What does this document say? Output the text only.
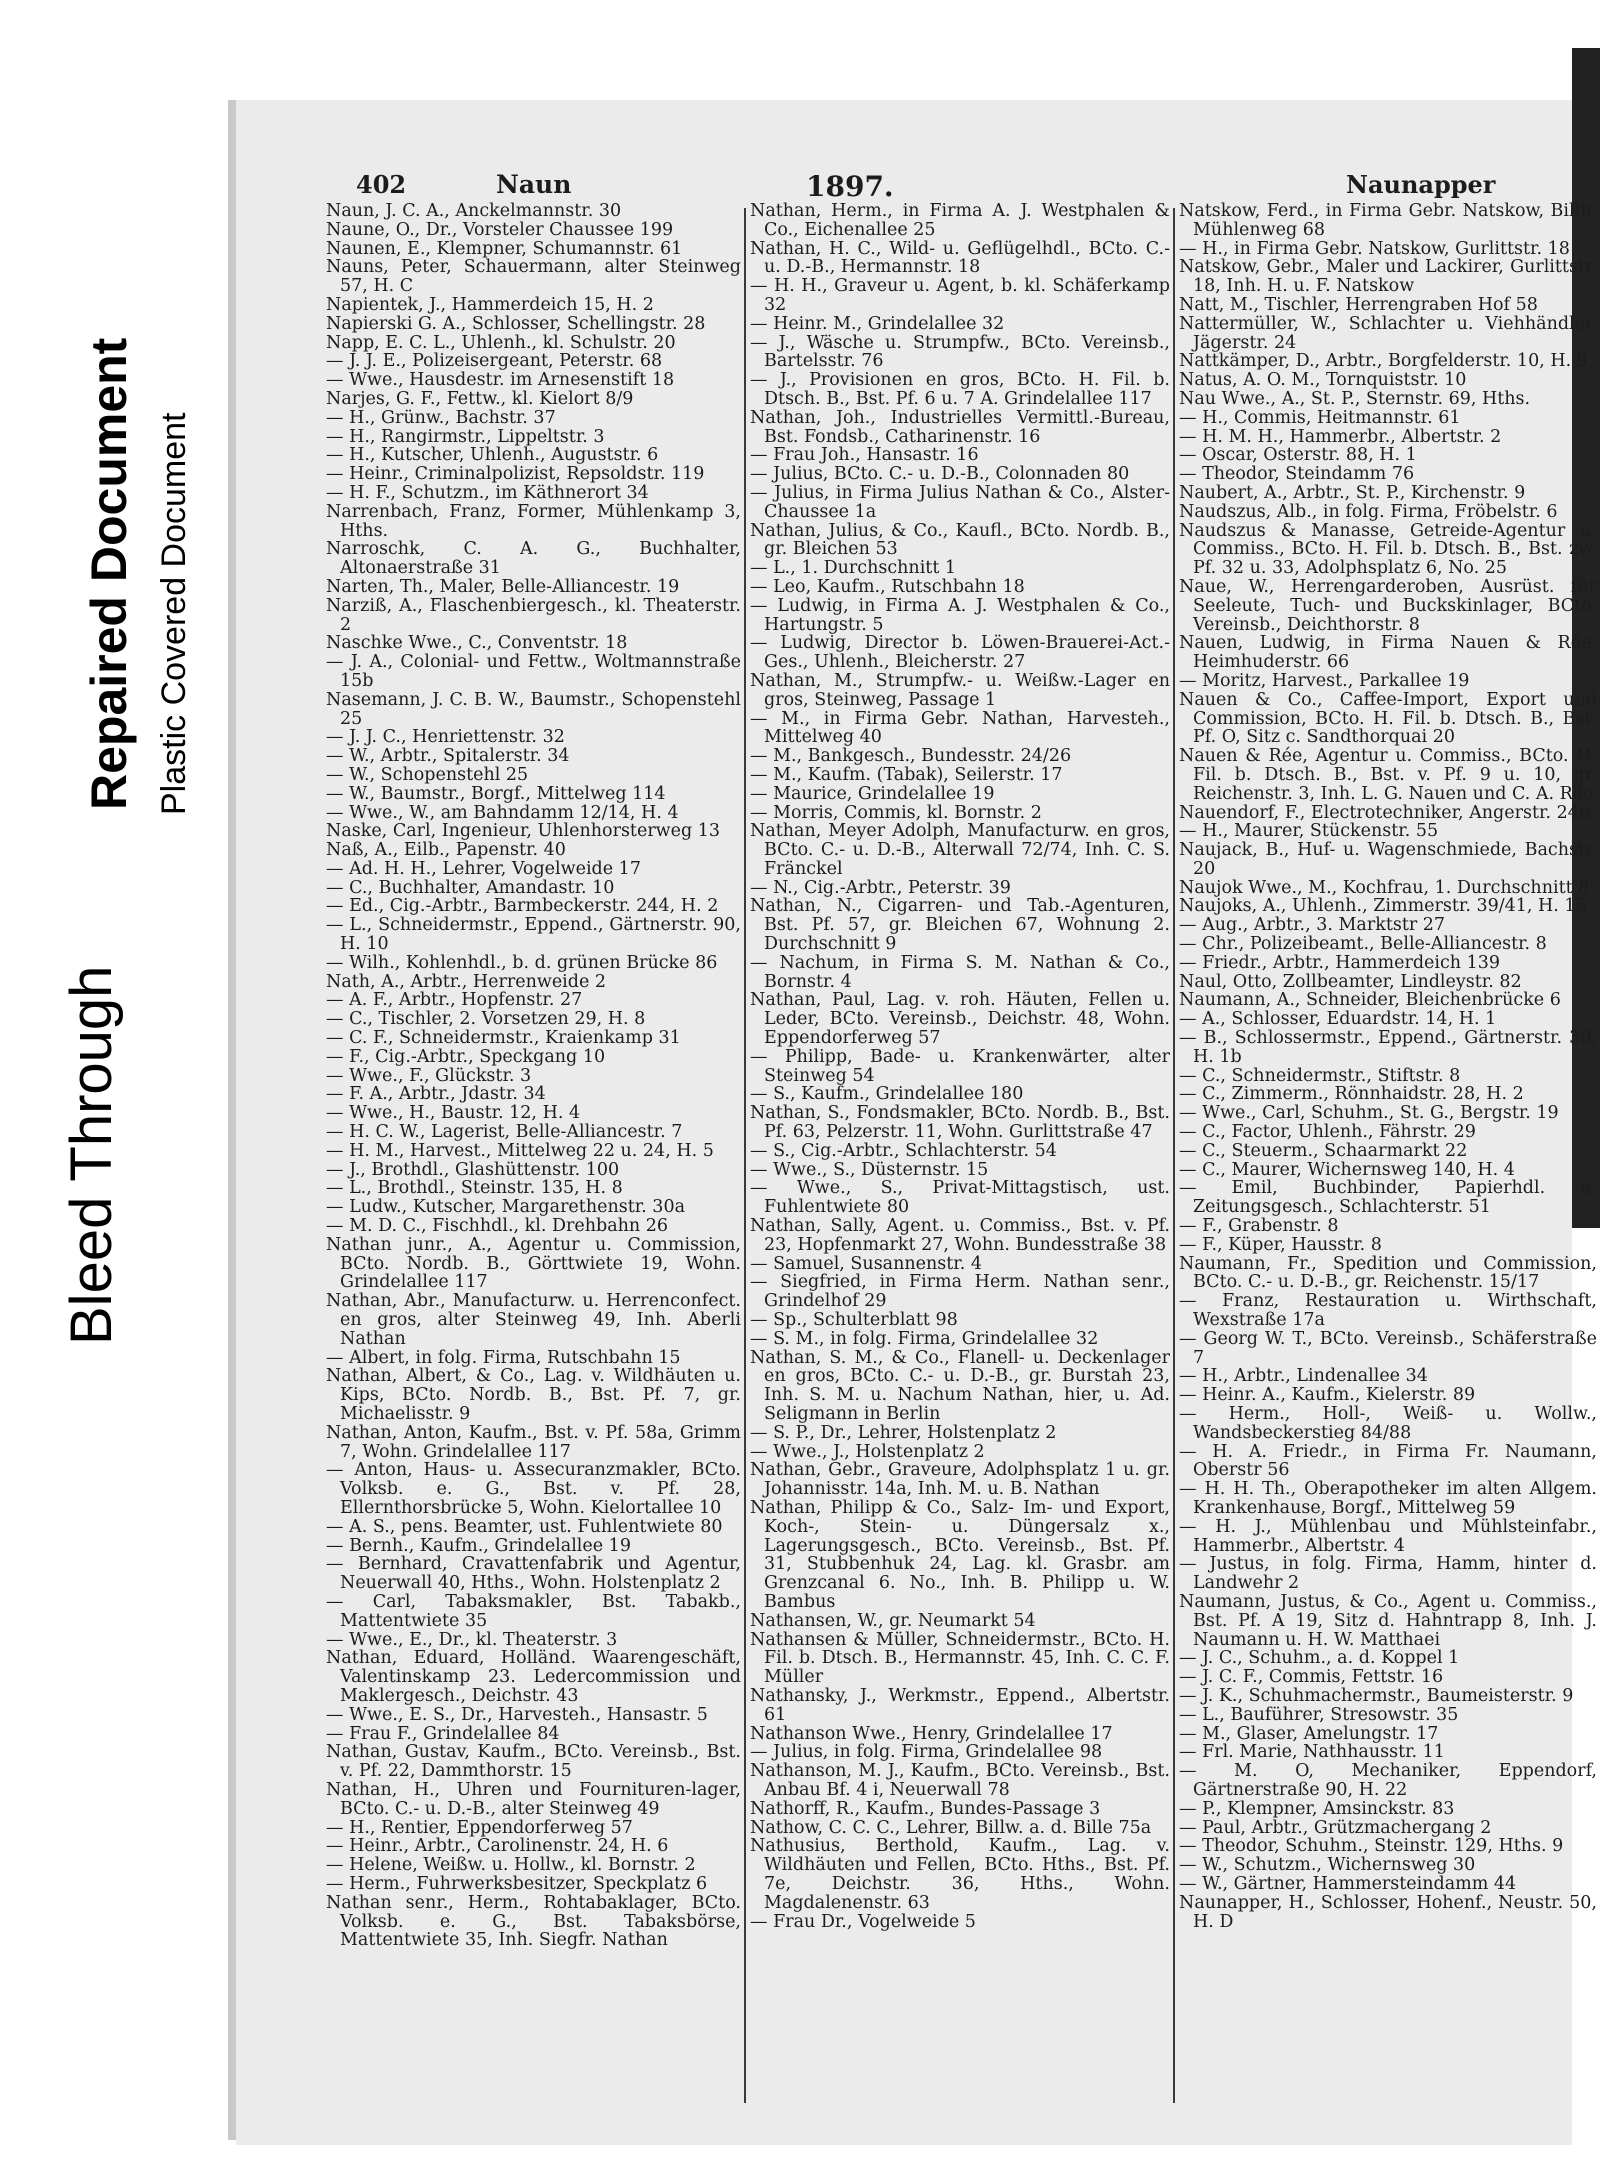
Bleed Through
Repaired Document Plastic Covered Document
402	Naun	1897.	Naunapper

Naun, J. C. A., Anckelmannstr. 30

Naune, O., Dr., Vorsteler Chaussee 199

Naunen, E., Klempner, Schumannstr. 61

Nauns, Peter, Schauermann, alter Steinweg 57, H. C

Napientek, J., Hammerdeich 15, H. 2

Napierski G. A., Schlosser, Schellingstr. 28

Napp, E. C. L., Uhlenh., kl. Schulstr. 20

— J. J. E., Polizeisergeant, Peterstr. 68

— Wwe., Hausdestr. im Arnesenstift 18

Narjes, G. F., Fettw., kl. Kielort 8/9

— H., Grünw., Bachstr. 37

— H., Rangirmstr., Lippeltstr. 3

— H., Kutscher, Uhlenh., Auguststr. 6

— Heinr., Criminalpolizist, Repsoldstr. 119

— H. F., Schutzm., im Käthnerort 34

Narrenbach, Franz, Former, Mühlenkamp 3, Hths.

Narroschk, C. A. G., Buchhalter, Altonaerstraße 31

Narten, Th., Maler, Belle-Alliancestr. 19

Narziß, A., Flaschenbiergesch., kl. Theaterstr. 2

Naschke Wwe., C., Conventstr. 18

— J. A., Colonial- und Fettw., Woltmannstraße 15b

Nasemann, J. C. B. W., Baumstr., Schopenstehl 25

— J. J. C., Henriettenstr. 32

— W., Arbtr., Spitalerstr. 34

— W., Schopenstehl 25

— W., Baumstr., Borgf., Mittelweg 114

— Wwe., W., am Bahndamm 12/14, H. 4

Naske, Carl, Ingenieur, Uhlenhorsterweg 13

Naß, A., Eilb., Papenstr. 40

— Ad. H. H., Lehrer, Vogelweide 17

— C., Buchhalter, Amandastr. 10

— Ed., Cig.-Arbtr., Barmbeckerstr. 244, H. 2

— L., Schneidermstr., Eppend., Gärtnerstr. 90, H. 10

— Wilh., Kohlenhdl., b. d. grünen Brücke 86

Nath, A., Arbtr., Herrenweide 2

— A. F., Arbtr., Hopfenstr. 27

— C., Tischler, 2. Vorsetzen 29, H. 8

— C. F., Schneidermstr., Kraienkamp 31

— F., Cig.-Arbtr., Speckgang 10

— Wwe., F., Glückstr. 3

— F. A., Arbtr., Jdastr. 34

— Wwe., H., Baustr. 12, H. 4

— H. C. W., Lagerist, Belle-Alliancestr. 7

— H. M., Harvest., Mittelweg 22 u. 24, H. 5

— J., Brothdl., Glashüttenstr. 100

— L., Brothdl., Steinstr. 135, H. 8

— Ludw., Kutscher, Margarethenstr. 30a

— M. D. C., Fischhdl., kl. Drehbahn 26

Nathan junr., A., Agentur u. Commission, BCto. Nordb. B., Görttwiete 19, Wohn. Grindelallee 117

Nathan, Abr., Manufacturw. u. Herrenconfect. en gros, alter Steinweg 49, Inh. Aberli Nathan

— Albert, in folg. Firma, Rutschbahn 15

Nathan, Albert, & Co., Lag. v. Wildhäuten u. Kips, BCto. Nordb. B., Bst. Pf. 7, gr. Michaelisstr. 9

Nathan, Anton, Kaufm., Bst. v. Pf. 58a, Grimm 7, Wohn. Grindelallee 117

— Anton, Haus- u. Assecuranzmakler, BCto. Volksb. e. G., Bst. v. Pf. 28, Ellernthorsbrücke 5, Wohn. Kielortallee 10

— A. S., pens. Beamter, ust. Fuhlentwiete 80

— Bernh., Kaufm., Grindelallee 19

— Bernhard, Cravattenfabrik und Agentur, Neuerwall 40, Hths., Wohn. Holstenplatz 2

— Carl, Tabaksmakler, Bst. Tabakb., Mattentwiete 35

— Wwe., E., Dr., kl. Theaterstr. 3

Nathan, Eduard, Holländ. Waarengeschäft, Valentinskamp 23. Ledercommission und Maklergesch., Deichstr. 43

— Wwe., E. S., Dr., Harvesteh., Hansastr. 5

— Frau F., Grindelallee 84

Nathan, Gustav, Kaufm., BCto. Vereinsb., Bst. v. Pf. 22, Dammthorstr. 15

Nathan, H., Uhren und Fournituren-lager, BCto. C.- u. D.-B., alter Steinweg 49

— H., Rentier, Eppendorferweg 57

— Heinr., Arbtr., Carolinenstr. 24, H. 6

— Helene, Weißw. u. Hollw., kl. Bornstr. 2

— Herm., Fuhrwerksbesitzer, Speckplatz 6

Nathan senr., Herm., Rohtabaklager, BCto. Volksb. e. G., Bst. Tabaksbörse, Mattentwiete 35, Inh. Siegfr. Nathan

Nathan, Herm., in Firma A. J. Westphalen & Co., Eichenallee 25

Nathan, H. C., Wild- u. Geflügelhdl., BCto. C.- u. D.-B., Hermannstr. 18

— H. H., Graveur u. Agent, b. kl. Schäferkamp 32

— Heinr. M., Grindelallee 32

— J., Wäsche u. Strumpfw., BCto. Vereinsb., Bartelsstr. 76

— J., Provisionen en gros, BCto. H. Fil. b. Dtsch. B., Bst. Pf. 6 u. 7 A. Grindelallee 117

Nathan, Joh., Industrielles Vermittl.-Bureau, Bst. Fondsb., Catharinenstr. 16

— Frau Joh., Hansastr. 16

— Julius, BCto. C.- u. D.-B., Colonnaden 80

— Julius, in Firma Julius Nathan & Co., Alster-Chaussee 1a

Nathan, Julius, & Co., Kaufl., BCto. Nordb. B., gr. Bleichen 53

— L., 1. Durchschnitt 1

— Leo, Kaufm., Rutschbahn 18

— Ludwig, in Firma A. J. Westphalen & Co., Hartungstr. 5

— Ludwig, Director b. Löwen-Brauerei-Act.-Ges., Uhlenh., Bleicherstr. 27

Nathan, M., Strumpfw.- u. Weißw.-Lager en gros, Steinweg, Passage 1

— M., in Firma Gebr. Nathan, Harvesteh., Mittelweg 40

— M., Bankgesch., Bundesstr. 24/26

— M., Kaufm. (Tabak), Seilerstr. 17

— Maurice, Grindelallee 19

— Morris, Commis, kl. Bornstr. 2

Nathan, Meyer Adolph, Manufacturw. en gros, BCto. C.- u. D.-B., Alterwall 72/74, Inh. C. S. Fränckel

— N., Cig.-Arbtr., Peterstr. 39

Nathan, N., Cigarren- und Tab.-Agenturen, Bst. Pf. 57, gr. Bleichen 67, Wohnung 2. Durchschnitt 9

— Nachum, in Firma S. M. Nathan & Co., Bornstr. 4

Nathan, Paul, Lag. v. roh. Häuten, Fellen u. Leder, BCto. Vereinsb., Deichstr. 48, Wohn. Eppendorferweg 57

— Philipp, Bade- u. Krankenwärter, alter Steinweg 54

— S., Kaufm., Grindelallee 180

Nathan, S., Fondsmakler, BCto. Nordb. B., Bst. Pf. 63, Pelzerstr. 11, Wohn. Gurlittstraße 47

— S., Cig.-Arbtr., Schlachterstr. 54

— Wwe., S., Düsternstr. 15

— Wwe., S., Privat-Mittagstisch, ust. Fuhlentwiete 80

Nathan, Sally, Agent. u. Commiss., Bst. v. Pf. 23, Hopfenmarkt 27, Wohn. Bundesstraße 38

— Samuel, Susannenstr. 4

— Siegfried, in Firma Herm. Nathan senr., Grindelhof 29

— Sp., Schulterblatt 98

— S. M., in folg. Firma, Grindelallee 32

Nathan, S. M., & Co., Flanell- u. Deckenlager en gros, BCto. C.- u. D.-B., gr. Burstah 23, Inh. S. M. u. Nachum Nathan, hier, u. Ad. Seligmann in Berlin

— S. P., Dr., Lehrer, Holstenplatz 2

— Wwe., J., Holstenplatz 2

Nathan, Gebr., Graveure, Adolphsplatz 1 u. gr. Johannisstr. 14a, Inh. M. u. B. Nathan

Nathan, Philipp & Co., Salz- Im- und Export, Koch-, Stein- u. Düngersalz x., Lagerungsgesch., BCto. Vereinsb., Bst. Pf. 31, Stubbenhuk 24, Lag. kl. Grasbr. am Grenzcanal 6. No., Inh. B. Philipp u. W. Bambus

Nathansen, W., gr. Neumarkt 54

Nathansen & Müller, Schneidermstr., BCto. H. Fil. b. Dtsch. B., Hermannstr. 45, Inh. C. C. F. Müller

Nathansky, J., Werkmstr., Eppend., Albertstr. 61

Nathanson Wwe., Henry, Grindelallee 17

— Julius, in folg. Firma, Grindelallee 98

Nathanson, M. J., Kaufm., BCto. Vereinsb., Bst. Anbau Bf. 4 i, Neuerwall 78

Nathorff, R., Kaufm., Bundes-Passage 3

Nathow, C. C. C., Lehrer, Billw. a. d. Bille 75a

Nathusius, Berthold, Kaufm., Lag. v. Wildhäuten und Fellen, BCto. Hths., Bst. Pf. 7e, Deichstr. 36, Hths., Wohn. Magdalenenstr. 63

— Frau Dr., Vogelweide 5

Natskow, Ferd., in Firma Gebr. Natskow, Billh. Mühlenweg 68

— H., in Firma Gebr. Natskow, Gurlittstr. 18

Natskow, Gebr., Maler und Lackirer, Gurlittstr. 18, Inh. H. u. F. Natskow

Natt, M., Tischler, Herrengraben Hof 58

Nattermüller, W., Schlachter u. Viehhändler, Jägerstr. 24

Nattkämper, D., Arbtr., Borgfelderstr. 10, H. 9

Natus, A. O. M., Tornquiststr. 10

Nau Wwe., A., St. P., Sternstr. 69, Hths.

— H., Commis, Heitmannstr. 61

— H. M. H., Hammerbr., Albertstr. 2

— Oscar, Osterstr. 88, H. 1

— Theodor, Steindamm 76

Naubert, A., Arbtr., St. P., Kirchenstr. 9

Naudszus, Alb., in folg. Firma, Fröbelstr. 6

Naudszus & Manasse, Getreide-Agentur u. Commiss., BCto. H. Fil. b. Dtsch. B., Bst. zw. Pf. 32 u. 33, Adolphsplatz 6, No. 25

Naue, W., Herrengarderoben, Ausrüst. für Seeleute, Tuch- und Buckskinlager, BCto. Vereinsb., Deichthorstr. 8

Nauen, Ludwig, in Firma Nauen & Rée, Heimhuderstr. 66

— Moritz, Harvest., Parkallee 19

Nauen & Co., Caffee-Import, Export und Commission, BCto. H. Fil. b. Dtsch. B., Bst. Pf. O, Sitz c. Sandthorquai 20

Nauen & Rée, Agentur u. Commiss., BCto. H. Fil. b. Dtsch. B., Bst. v. Pf. 9 u. 10, gr. Reichenstr. 3, Inh. L. G. Nauen und C. A. Rée

Nauendorf, F., Electrotechniker, Angerstr. 24b

— H., Maurer, Stückenstr. 55

Naujack, B., Huf- u. Wagenschmiede, Bachstr. 20

Naujok Wwe., M., Kochfrau, 1. Durchschnitt 8

Naujoks, A., Uhlenh., Zimmerstr. 39/41, H. 15

— Aug., Arbtr., 3. Marktstr 27

— Chr., Polizeibeamt., Belle-Alliancestr. 8

— Friedr., Arbtr., Hammerdeich 139

Naul, Otto, Zollbeamter, Lindleystr. 82

Naumann, A., Schneider, Bleichenbrücke 6

— A., Schlosser, Eduardstr. 14, H. 1

— B., Schlossermstr., Eppend., Gärtnerstr. 30, H. 1b

— C., Schneidermstr., Stiftstr. 8

— C., Zimmerm., Rönnhaidstr. 28, H. 2

— Wwe., Carl, Schuhm., St. G., Bergstr. 19

— C., Factor, Uhlenh., Fährstr. 29

— C., Steuerm., Schaarmarkt 22

— C., Maurer, Wichernsweg 140, H. 4

— Emil, Buchbinder, Papierhdl. u. Zeitungsgesch., Schlachterstr. 51

— F., Grabenstr. 8

— F., Küper, Hausstr. 8

Naumann, Fr., Spedition und Commission, BCto. C.- u. D.-B., gr. Reichenstr. 15/17

— Franz, Restauration u. Wirthschaft, Wexstraße 17a

— Georg W. T., BCto. Vereinsb., Schäferstraße 7

— H., Arbtr., Lindenallee 34

— Heinr. A., Kaufm., Kielerstr. 89

— Herm., Holl-, Weiß- u. Wollw., Wandsbeckerstieg 84/88

— H. A. Friedr., in Firma Fr. Naumann, Oberstr 56

— H. H. Th., Oberapotheker im alten Allgem. Krankenhause, Borgf., Mittelweg 59

— H. J., Mühlenbau und Mühlsteinfabr., Hammerbr., Albertstr. 4

— Justus, in folg. Firma, Hamm, hinter d. Landwehr 2

Naumann, Justus, & Co., Agent u. Commiss., Bst. Pf. A 19, Sitz d. Hahntrapp 8, Inh. J. Naumann u. H. W. Matthaei

— J. C., Schuhm., a. d. Koppel 1

— J. C. F., Commis, Fettstr. 16

— J. K., Schuhmachermstr., Baumeisterstr. 9

— L., Bauführer, Stresowstr. 35

— M., Glaser, Amelungstr. 17

— Frl. Marie, Nathhausstr. 11

— M. O, Mechaniker, Eppendorf, Gärtnerstraße 90, H. 22

— P., Klempner, Amsinckstr. 83

— Paul, Arbtr., Grützmachergang 2

— Theodor, Schuhm., Steinstr. 129, Hths. 9

— W., Schutzm., Wichernsweg 30

— W., Gärtner, Hammersteindamm 44

Naunapper, H., Schlosser, Hohenf., Neustr. 50, H. D
